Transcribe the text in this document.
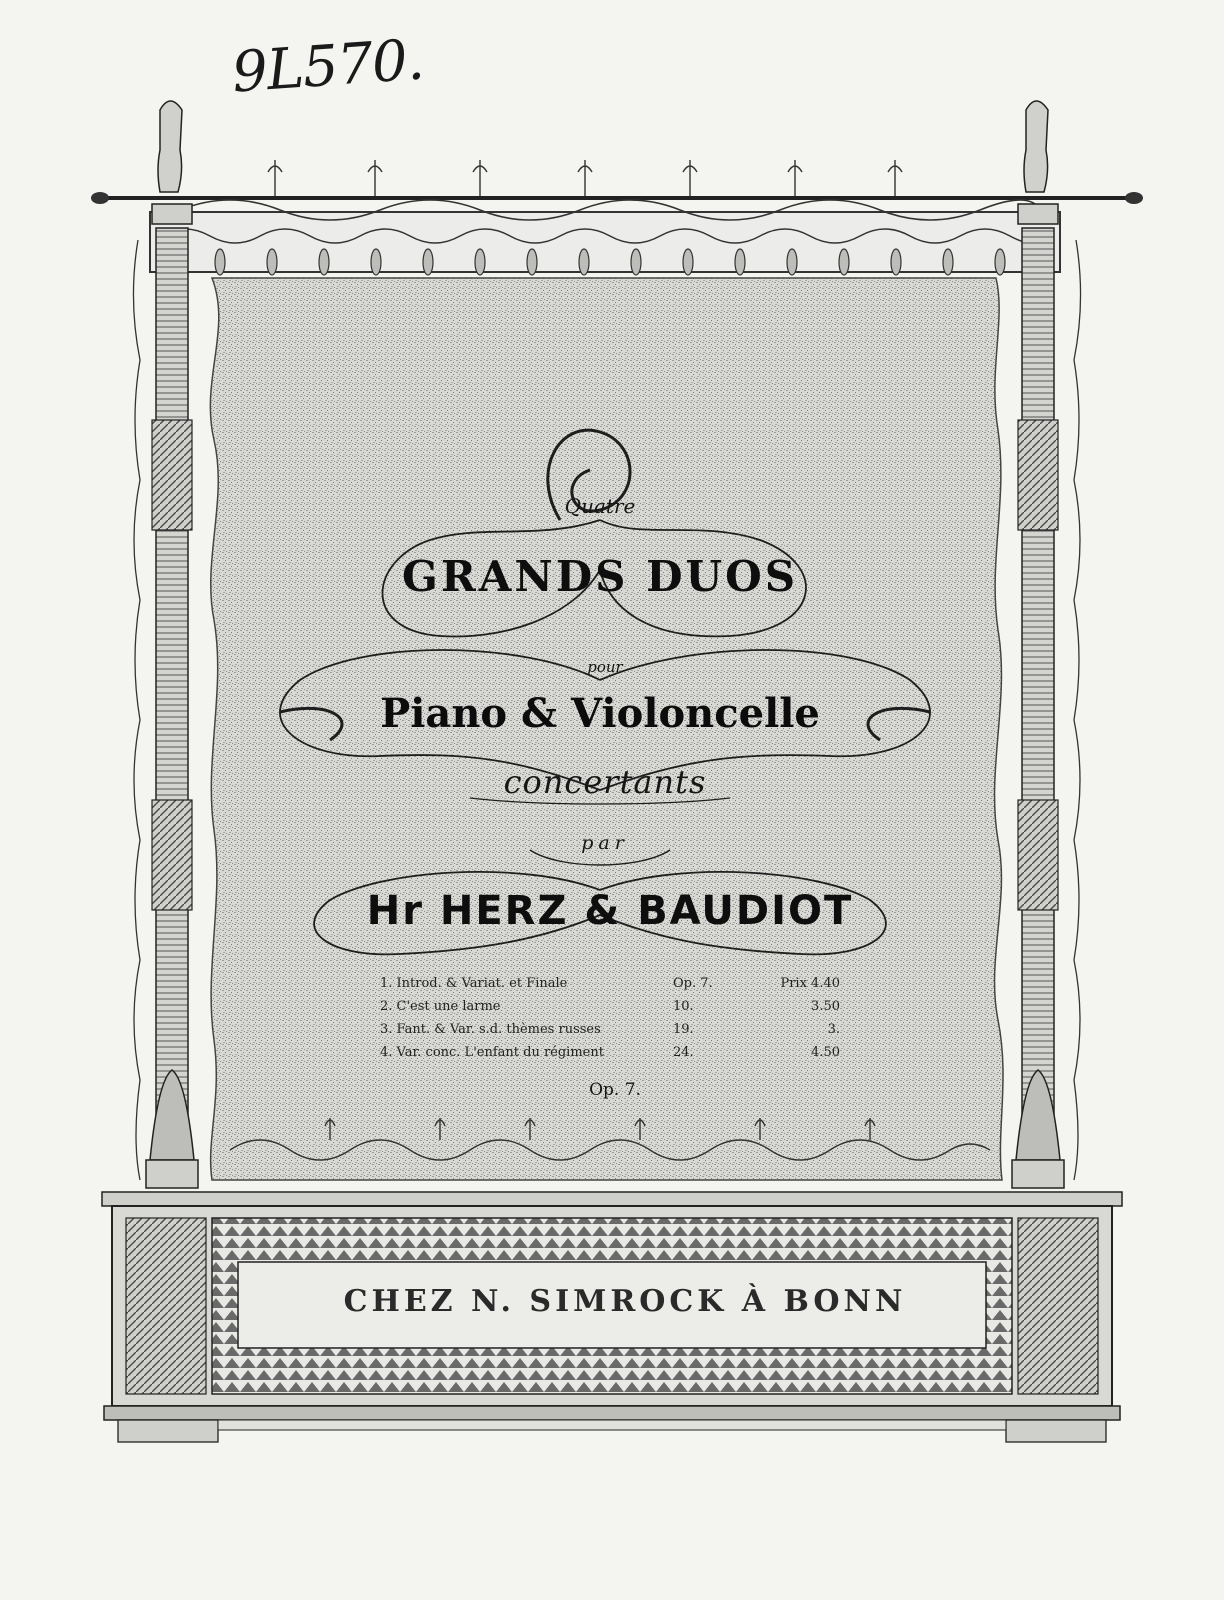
9L570.
Quatre
GRANDS DUOS
pour
Piano & Violoncelle
concertants
par
Hr HERZ & BAUDIOT
1. Introd. & Variat. et Finale	Op. 7.	Prix 4.40
2. C'est une larme	10.	3.50
3. Fant. & Var. s.d. thèmes russes	19.	3.
4. Var. conc. L'enfant du régiment	24.	4.50
Op. 7.
CHEZ N. SIMROCK À BONN
